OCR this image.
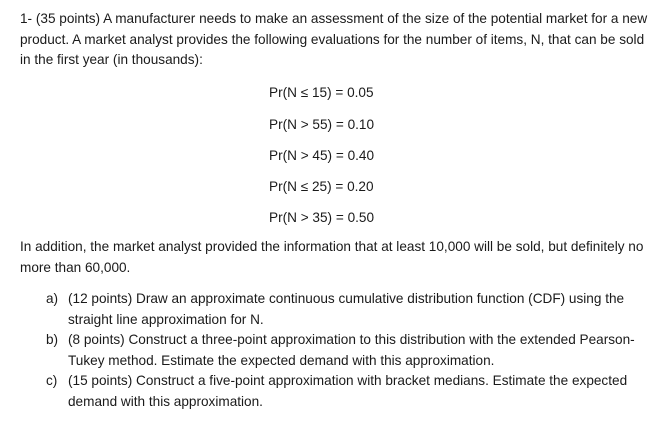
1- (35 points) A manufacturer needs to make an assessment of the size of the potential market for a new product. A market analyst provides the following evaluations for the number of items, N, that can be sold in the first year (in thousands):

Pr(N ≤ 15) = 0.05

Pr(N > 55) = 0.10

Pr(N > 45) = 0.40

Pr(N ≤ 25) = 0.20

Pr(N > 35) = 0.50

In addition, the market analyst provided the information that at least 10,000 will be sold, but definitely no more than 60,000.

a) (12 points) Draw an approximate continuous cumulative distribution function (CDF) using the straight line approximation for N.
b) (8 points) Construct a three-point approximation to this distribution with the extended Pearson-Tukey method. Estimate the expected demand with this approximation.
c) (15 points) Construct a five-point approximation with bracket medians. Estimate the expected demand with this approximation.
